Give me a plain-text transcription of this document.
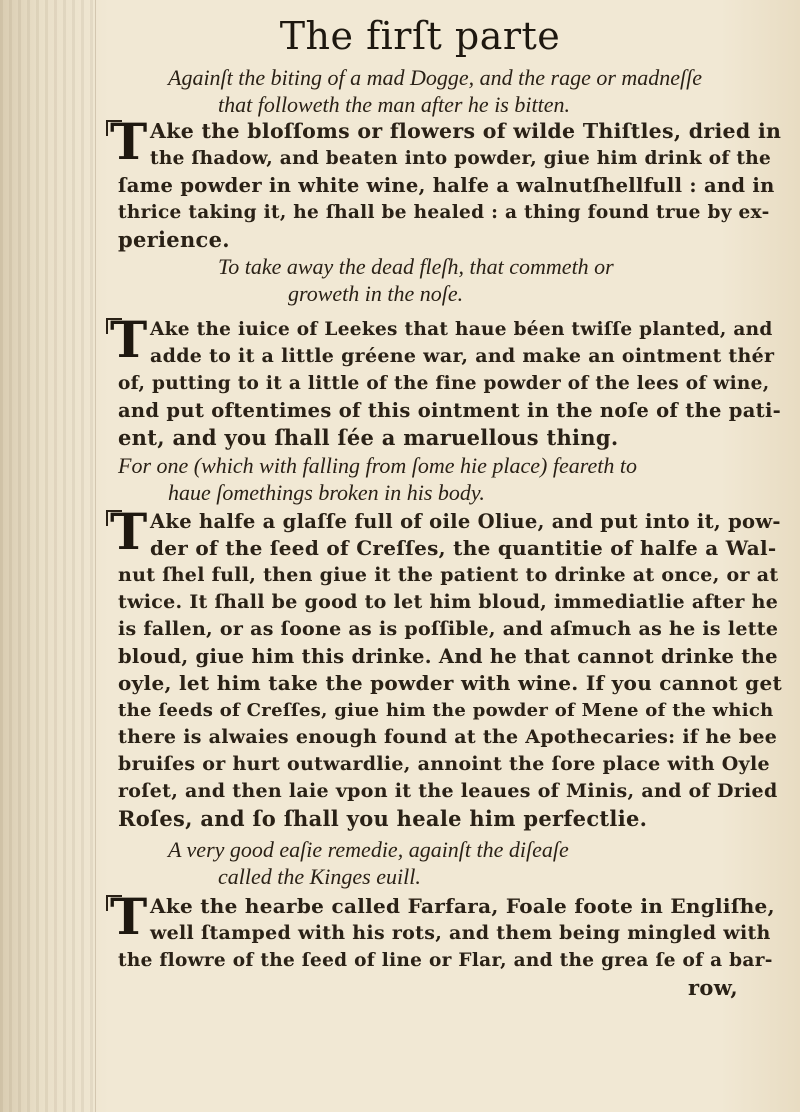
The firſt parte
Againſt the biting of a mad Dogge, and the rage or madneſſe
that followeth the man after he is bitten.
T Ake the bloſſoms or flowers of wilde Thiſtles, dried in
the ſhadow, and beaten into powder, giue him drink of the
ſame powder in white wine, halfe a walnutſhellfull : and in
thrice taking it, he ſhall be healed : a thing found true by ex-
perience.
To take away the dead fleſh, that commeth or
groweth in the noſe.
T Ake the iuice of Leekes that haue béen twiſſe planted, and
adde to it a little gréene war, and make an ointment thér
of, putting to it a little of the fine powder of the lees of wine,
and put oftentimes of this ointment in the noſe of the pati-
ent, and you ſhall ſée a maruellous thing.
For one (which with falling from ſome hie place) feareth to
haue ſomethings broken in his body.
T Ake halfe a glaſſe full of oile Oliue, and put into it, pow-
der of the ſeed of Creſſes, the quantitie of halfe a Wal-
nut ſhel full, then giue it the patient to drinke at once, or at
twice. It ſhall be good to let him bloud, immediatlie after he
is fallen, or as ſoone as is poſſible, and aſmuch as he is lette
bloud, giue him this drinke. And he that cannot drinke the
oyle, let him take the powder with wine. If you cannot get
the ſeeds of Creſſes, giue him the powder of Mene of the which
there is alwaies enough found at the Apothecaries: if he bee
bruiſes or hurt outwardlie, annoint the ſore place with Oyle
roſet, and then laie vpon it the leaues of Minis, and of Dried
Roſes, and ſo ſhall you heale him perfectlie.
A very good eaſie remedie, againſt the diſeaſe
called the Kinges euill.
T Ake the hearbe called Farfara, Foale foote in Engliſhe,
well ſtamped with his rots, and them being mingled with
the flowre of the ſeed of line or Flar, and the grea ſe of a bar-
row,
